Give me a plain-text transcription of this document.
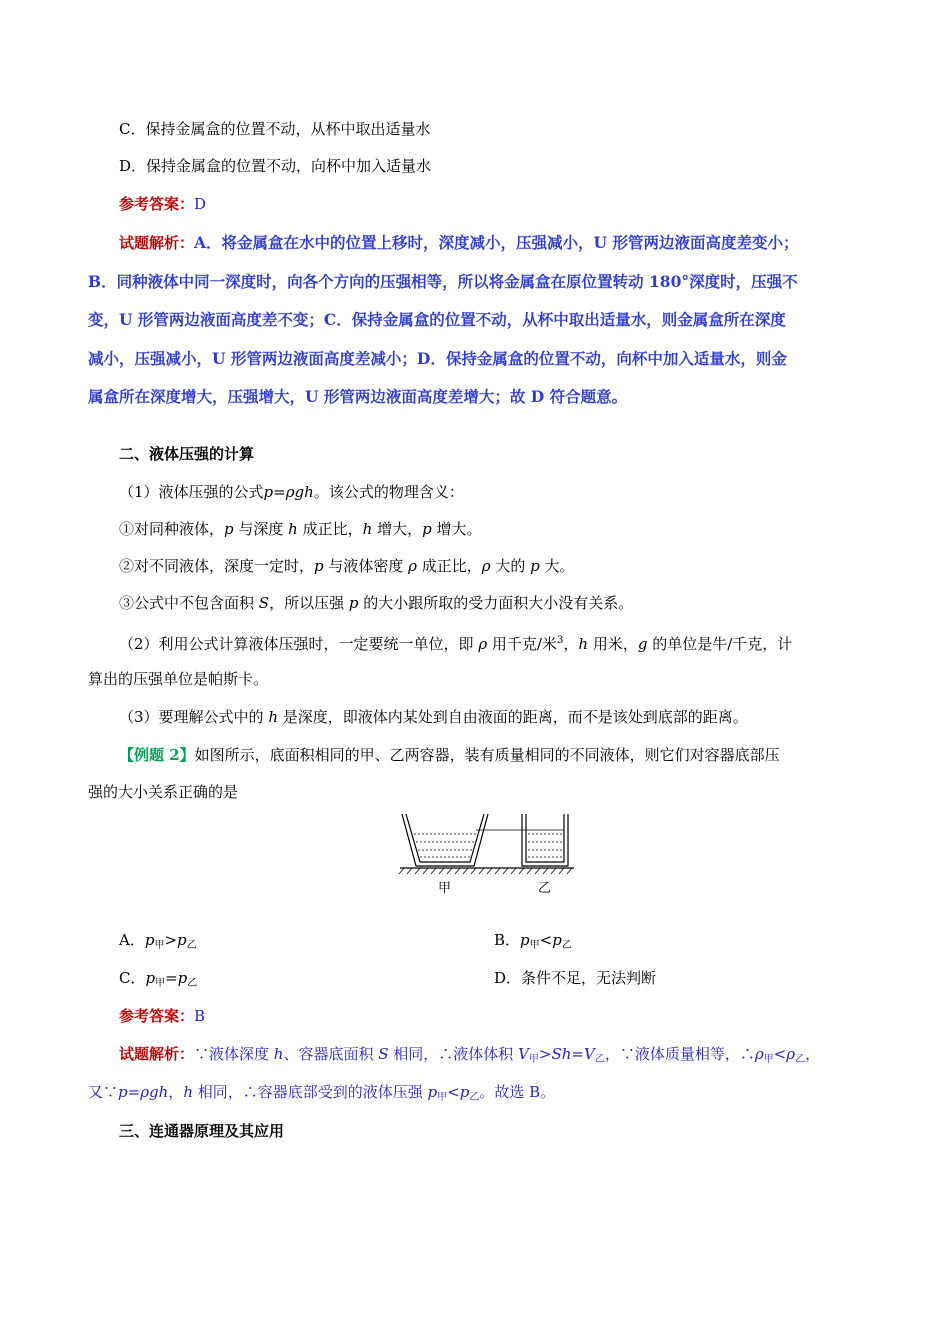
C．保持金属盒的位置不动，从杯中取出适量水
D．保持金属盒的位置不动，向杯中加入适量水
参考答案：D
试题解析：A．将金属盒在水中的位置上移时，深度减小，压强减小，U 形管两边液面高度差变小；
B．同种液体中同一深度时，向各个方向的压强相等，所以将金属盒在原位置转动 180°深度时，压强不
变，U 形管两边液面高度差不变；C．保持金属盒的位置不动，从杯中取出适量水，则金属盒所在深度
减小，压强减小，U 形管两边液面高度差减小；D．保持金属盒的位置不动，向杯中加入适量水，则金
属盒所在深度增大，压强增大，U 形管两边液面高度差增大；故 D 符合题意。
二、液体压强的计算
（1）液体压强的公式p=ρgh。该公式的物理含义：
①对同种液体，p 与深度 h 成正比，h 增大，p 增大。
②对不同液体，深度一定时，p 与液体密度 ρ 成正比，ρ 大的 p 大。
③公式中不包含面积 S，所以压强 p 的大小跟所取的受力面积大小没有关系。
（2）利用公式计算液体压强时，一定要统一单位，即 ρ 用千克/米$^3$，h 用米，g 的单位是牛/千克，计
算出的压强单位是帕斯卡。
（3）要理解公式中的 h 是深度，即液体内某处到自由液面的距离，而不是该处到底部的距离。
【例题 2】如图所示，底面积相同的甲、乙两容器，装有质量相同的不同液体，则它们对容器底部压
强的大小关系正确的是
甲	乙
A．$p_甲>p_乙$	B．$p_甲<p_乙$
C．$p_甲=p_乙$	D．条件不足，无法判断
参考答案：B
试题解析：∵液体深度 h、容器底面积 S 相同，∴液体体积 $V_甲>Sh=V_乙$，∵液体质量相等，$\therefore\rho_甲<\rho_乙$，
又∵p=ρgh，h 相同，∴容器底部受到的液体压强 $p_甲<p_乙$。故选 B。
三、连通器原理及其应用
